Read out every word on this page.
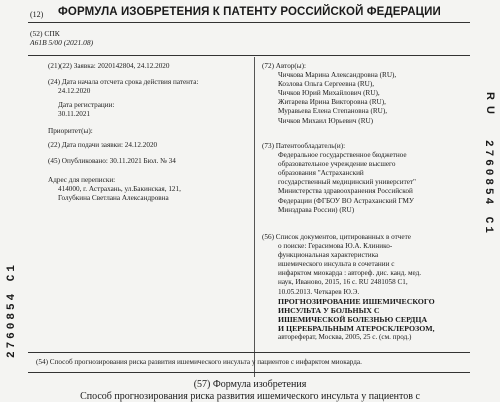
(12) ФОРМУЛА ИЗОБРЕТЕНИЯ К ПАТЕНТУ РОССИЙСКОЙ ФЕДЕРАЦИИ
(52) СПК
A61B 5/00 (2021.08)
(21)(22) Заявка: 2020142804, 24.12.2020
(24) Дата начала отсчета срока действия патента:
24.12.2020
Дата регистрации:
30.11.2021
Приоритет(ы):
(22) Дата подачи заявки: 24.12.2020
(45) Опубликовано: 30.11.2021 Бюл. № 34
Адрес для переписки:
414000, г. Астрахань, ул.Бакинская, 121,
Голубкина Светлана Александровна
(72) Автор(ы):
Чичкова Марина Александровна (RU),
Козлова Ольга Сергеевна (RU),
Чичков Юрий Михайлович (RU),
Житарева Ирина Викторовна (RU),
Муравьева Елена Степановна (RU),
Чичков Михаил Юрьевич (RU)
(73) Патентообладатель(и):
Федеральное государственное бюджетное
образовательное учреждение высшего
образования "Астраханский
государственный медицинский университет"
Министерства здравоохранения Российской
Федерации (ФГБОУ ВО Астраханский ГМУ
Минздрава России) (RU)
(56) Список документов, цитированных в отчете
о поиске: Герасимова Ю.А. Клинико-
функциональная характеристика
ишемического инсульта в сочетании с
инфарктом миокарда : автореф. дис. канд. мед.
наук, Иваново, 2015, 16 с. RU 2481058 C1,
10.05.2013. Четкарев Ю.Э.
ПРОГНОЗИРОВАНИЕ ИШЕМИЧЕСКОГО
ИНСУЛЬТА У БОЛЬНЫХ С
ИШЕМИЧЕСКОЙ БОЛЕЗНЬЮ СЕРДЦА
И ЦЕРЕБРАЛЬНЫМ АТЕРОСКЛЕРОЗОМ,
автореферат, Москва, 2005, 25 с. (см. прод.)
(54) Способ прогнозирования риска развития ишемического инсульта у пациентов с инфарктом миокарда.
(57) Формула изобретения
Способ прогнозирования риска развития ишемического инсульта у пациентов с
2760854 C1
2760854 C1
RU
